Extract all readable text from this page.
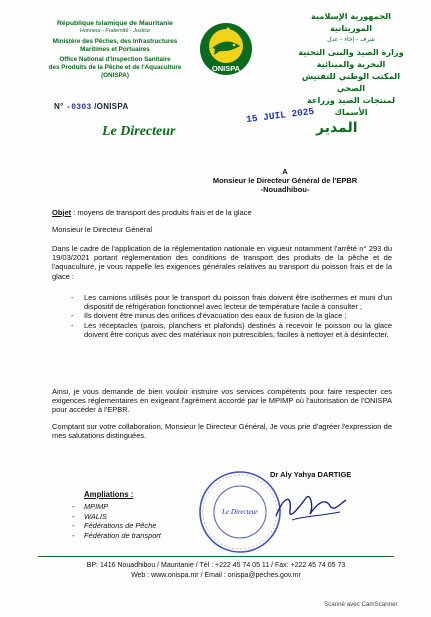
République Islamique de Mauritanie
Honneur - Fraternité - Justice
Ministère des Pêches, des Infrastructures
Maritimes et Portuaires
Office National d'Inspection Sanitaire
des Produits de la Pêche et de l'Aquaculture
(ONISPA)
ONISPA
الجمهورية الإسلامية الموريتانية
شرف - إخاء - عدل
وزارة الصيد والبنى التحتية
البحرية والمينائية
المكتب الوطني للتفتيش الصحي
لمنتجات الصيد وزراعة الأسماك
N° -0303 /ONISPA
Le Directeur
15 JUIL 2025
المدير
A
Monsieur le Directeur Général de l'EPBR
-Nouadhibou-
Objet : moyens de transport des produits frais et de la glace
Monsieur le Directeur Général
Dans le cadre de l'application de la réglementation nationale en vigueur notamment l'arrêté n° 293 du 19/03/2021 portant réglementation des conditions de transport des produits de la pêche et de l'aquaculture, je vous rappelle les exigences générales relatives au transport du poisson frais et de la glace :
- Les camions utilisés pour le transport du poisson frais doivent être isothermes et muni d'un dispositif de réfrigération fonctionnel avec lecteur de température facile à consulter ;
- Ils doivent être minus des orifices d'évacuation des eaux de fusion de la glace ;
- Les réceptacles (parois, planchers et plafonds) destinés à recevoir le poisson ou la glace doivent être conçus avec des matériaux non putrescibles, faciles à nettoyer et à désinfecter.
Ainsi, je vous demande de bien vouloir instruire vos services compétents pour faire respecter ces exigences réglementaires en exigeant l'agrément accordé par le MPIMP où l'autorisation de l'ONISPA pour accéder à l'EPBR.
Comptant sur votre collaboration, Monsieur le Directeur Général, Je vous prie d'agréer l'expression de mes salutations distinguées.
Le Directeur
Dr Aly Yahya DARTIGE
Ampliations :
- MPIMP
- WALIS
- Fédérations de Pêche
- Fédération de transport
BP: 1416 Nouadhibou / Mauritanie / Tél : +222 45 74 05 11 / Fax: +222 45 74 05 73
Web : www.onispa.mr / Email : onispa@peches.gov.mr
Scanné avec CamScanner
